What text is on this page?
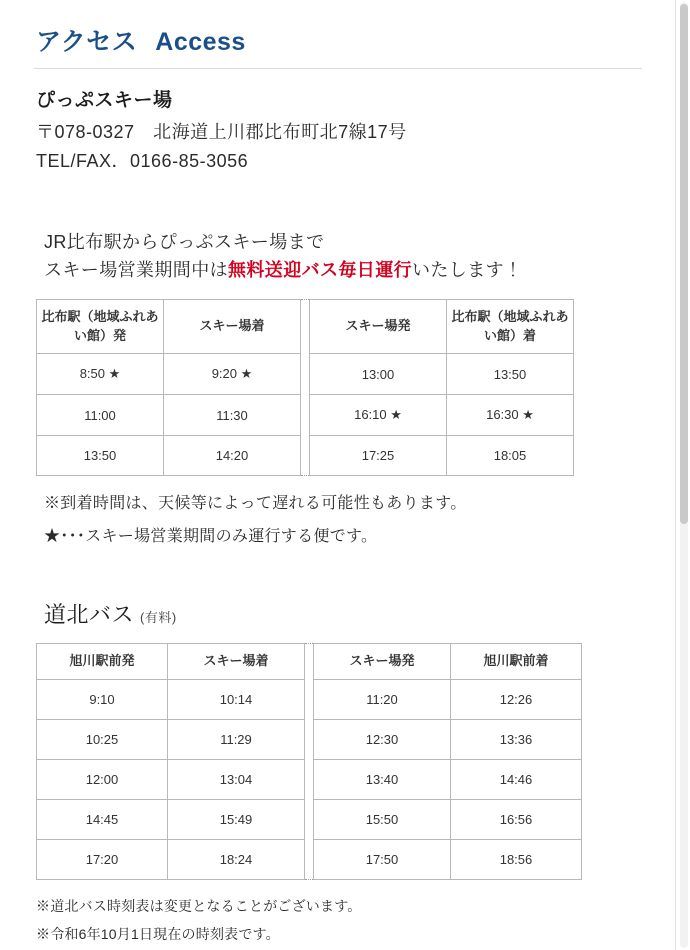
アクセス Access
ぴっぷスキー場
〒078-0327　北海道上川郡比布町北7線17号
TEL/FAX．0166-85-3056
JR比布駅からぴっぷスキー場まで
スキー場営業期間中は無料送迎バス毎日運行いたします！
比布駅（地域ふれあい館）発	スキー場着		スキー場発	比布駅（地域ふれあい館）着
8:50 ★	9:20 ★		13:00	13:50
11:00	11:30		16:10 ★	16:30 ★
13:50	14:20		17:25	18:05
※到着時間は、天候等によって遅れる可能性もあります。
★･･･スキー場営業期間のみ運行する便です。
道北バス (有料)
旭川駅前発	スキー場着		スキー場発	旭川駅前着
9:10	10:14		11:20	12:26
10:25	11:29		12:30	13:36
12:00	13:04		13:40	14:46
14:45	15:49		15:50	16:56
17:20	18:24		17:50	18:56
※道北バス時刻表は変更となることがございます。
※令和6年10月1日現在の時刻表です。
